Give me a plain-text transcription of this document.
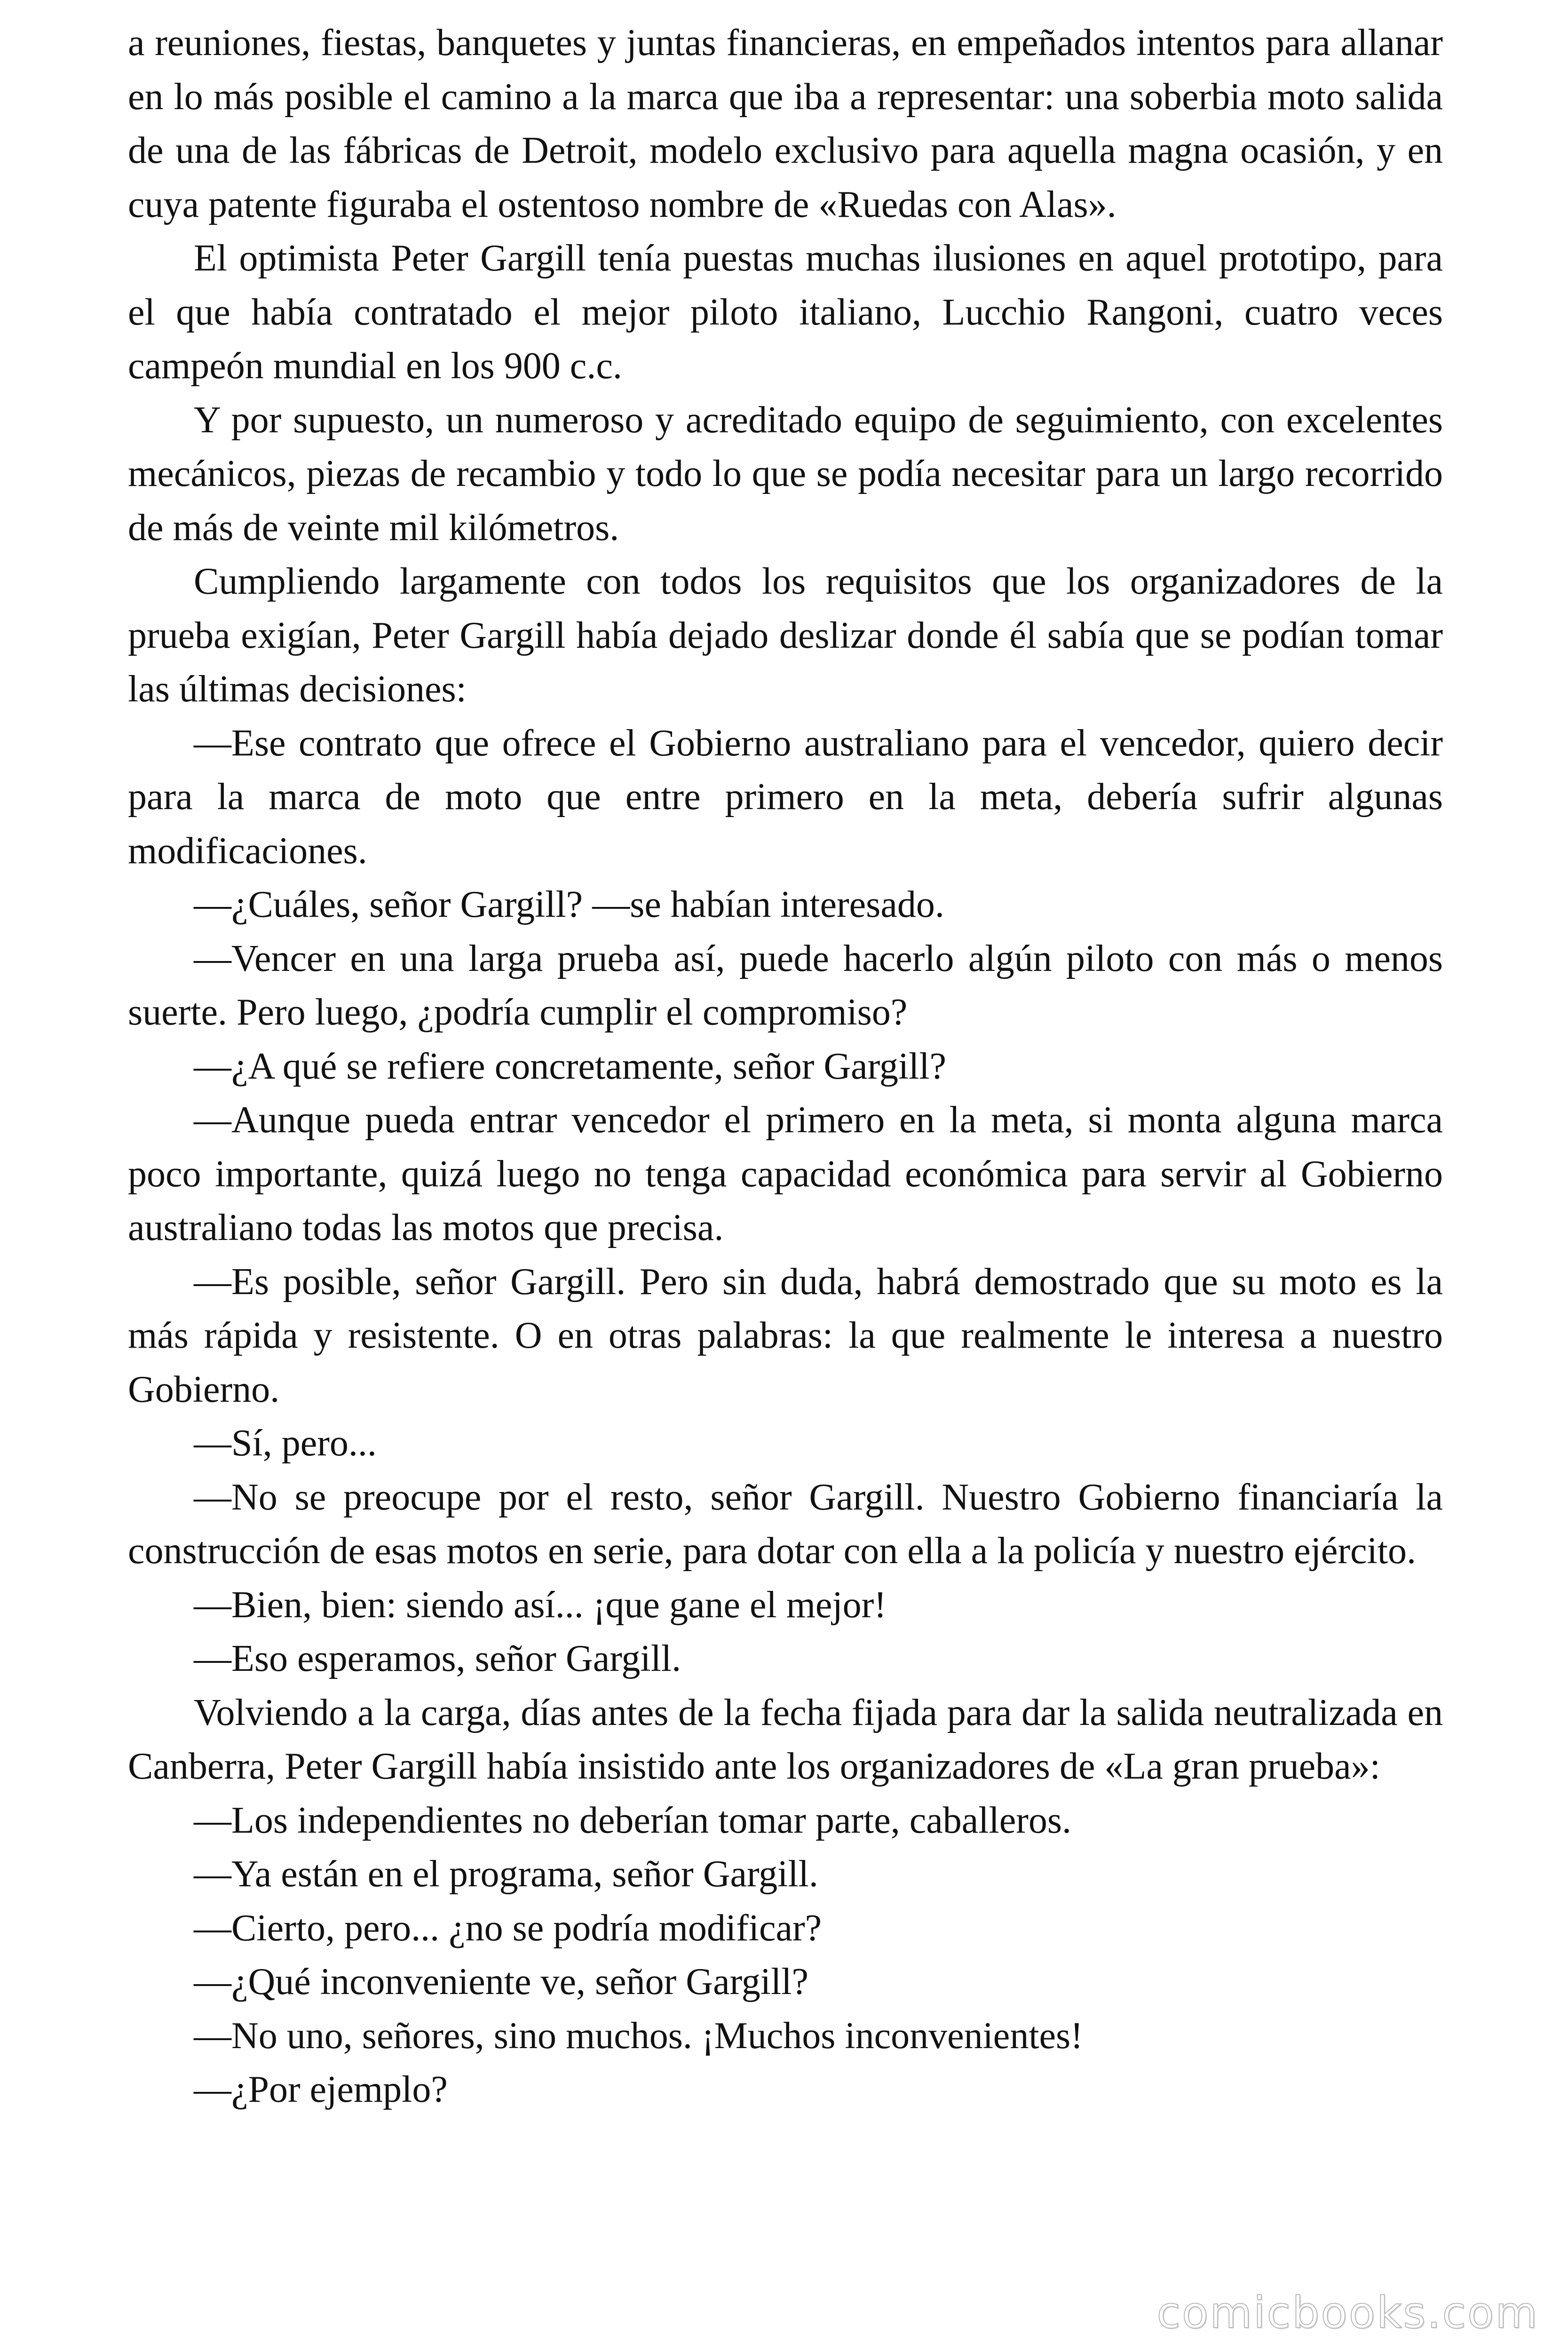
a reuniones, fiestas, banquetes y juntas financieras, en empeñados intentos para allanar en lo más posible el camino a la marca que iba a representar: una soberbia moto salida de una de las fábricas de Detroit, modelo exclusivo para aquella magna ocasión, y en cuya patente figuraba el ostentoso nombre de «Ruedas con Alas».

El optimista Peter Gargill tenía puestas muchas ilusiones en aquel prototipo, para el que había contratado el mejor piloto italiano, Lucchio Rangoni, cuatro veces campeón mundial en los 900 c.c.

Y por supuesto, un numeroso y acreditado equipo de seguimiento, con excelentes mecánicos, piezas de recambio y todo lo que se podía necesitar para un largo recorrido de más de veinte mil kilómetros.

Cumpliendo largamente con todos los requisitos que los organizadores de la prueba exigían, Peter Gargill había dejado deslizar donde él sabía que se podían tomar las últimas decisiones:

—Ese contrato que ofrece el Gobierno australiano para el vencedor, quiero decir para la marca de moto que entre primero en la meta, debería sufrir algunas modificaciones.

—¿Cuáles, señor Gargill? —se habían interesado.

—Vencer en una larga prueba así, puede hacerlo algún piloto con más o menos suerte. Pero luego, ¿podría cumplir el compromiso?

—¿A qué se refiere concretamente, señor Gargill?

—Aunque pueda entrar vencedor el primero en la meta, si monta alguna marca poco importante, quizá luego no tenga capacidad económica para servir al Gobierno australiano todas las motos que precisa.

—Es posible, señor Gargill. Pero sin duda, habrá demostrado que su moto es la más rápida y resistente. O en otras palabras: la que realmente le interesa a nuestro Gobierno.

—Sí, pero...

—No se preocupe por el resto, señor Gargill. Nuestro Gobierno financiaría la construcción de esas motos en serie, para dotar con ella a la policía y nuestro ejército.

—Bien, bien: siendo así... ¡que gane el mejor!

—Eso esperamos, señor Gargill.

Volviendo a la carga, días antes de la fecha fijada para dar la salida neutralizada en Canberra, Peter Gargill había insistido ante los organizadores de «La gran prueba»:

—Los independientes no deberían tomar parte, caballeros.

—Ya están en el programa, señor Gargill.

—Cierto, pero... ¿no se podría modificar?

—¿Qué inconveniente ve, señor Gargill?

—No uno, señores, sino muchos. ¡Muchos inconvenientes!

—¿Por ejemplo?

comicbooks.com
